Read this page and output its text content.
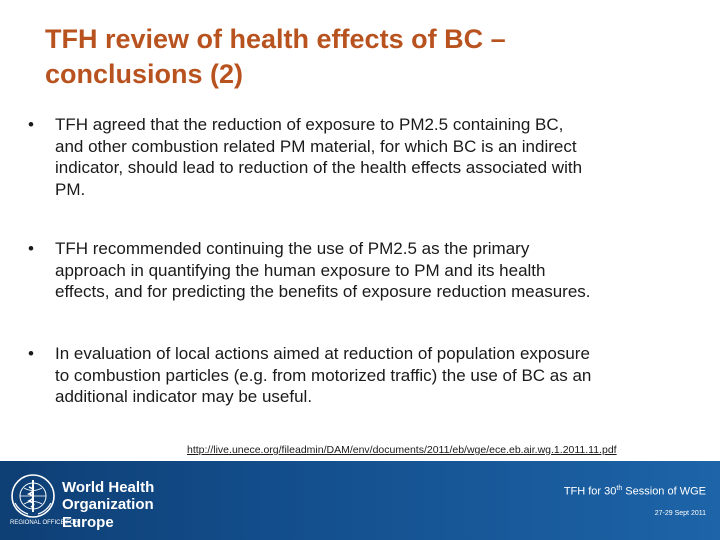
TFH review of health effects of BC –
conclusions (2)
• TFH agreed that the reduction of exposure to PM2.5 containing BC,
and other combustion related PM material, for which BC is an indirect
indicator, should lead to reduction of the health effects associated with
PM.
• TFH recommended continuing the use of PM2.5 as the primary
approach in quantifying the human exposure to PM and its health
effects, and for predicting the benefits of exposure reduction measures.
• In evaluation of local actions aimed at reduction of population exposure
to combustion particles (e.g. from motorized traffic) the use of BC as an
additional indicator may be useful.
http://live.unece.org/fileadmin/DAM/env/documents/2011/eb/wge/ece.eb.air.wg.1.2011.11.pdf
World Health
Organization
REGIONAL OFFICE FOR
Europe
TFH for 30th Session of WGE
27-29 Sept 2011
